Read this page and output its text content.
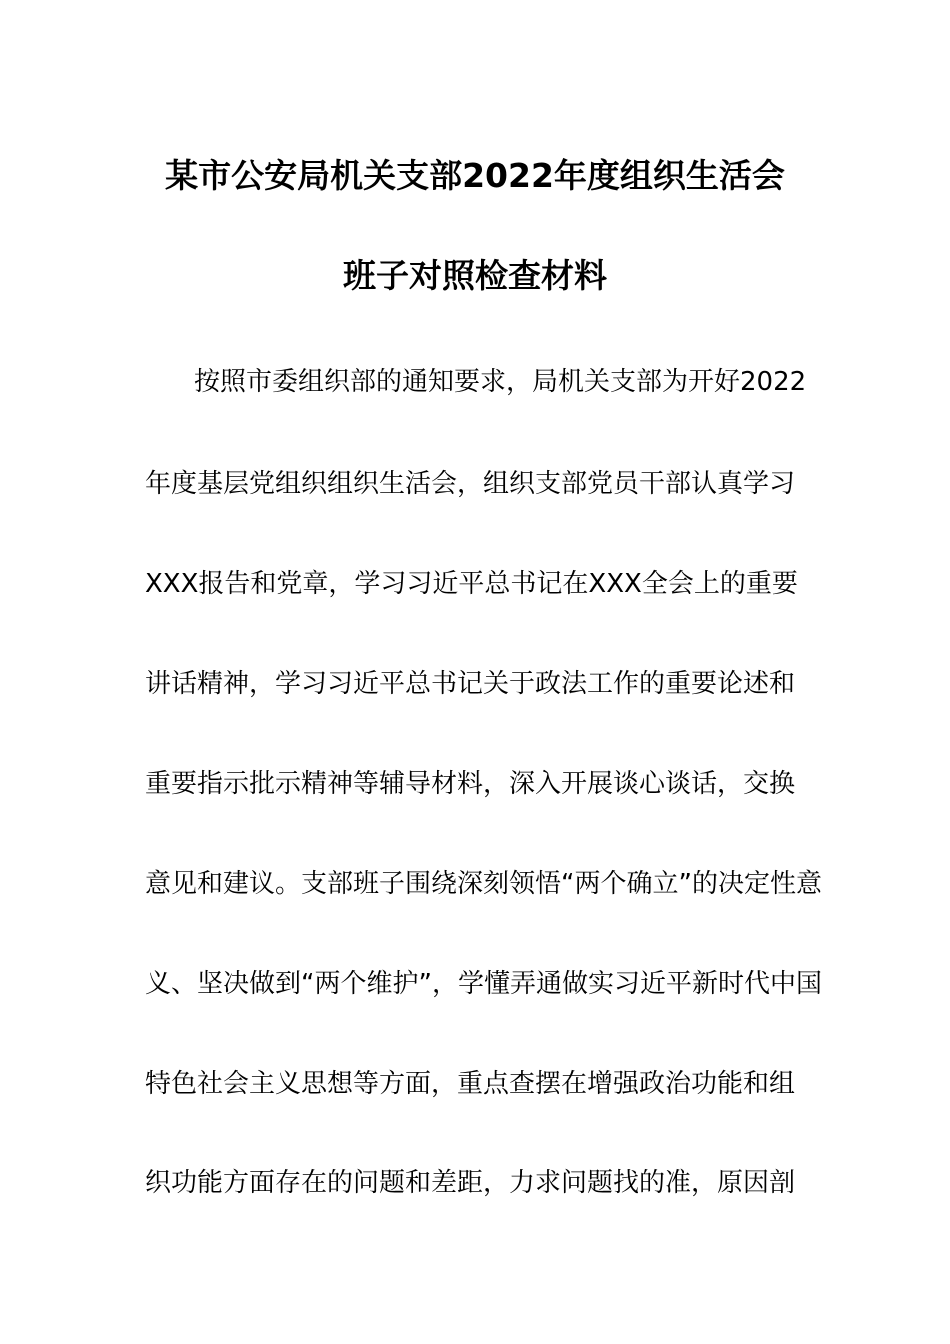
某市公安局机关支部2022年度组织生活会
班子对照检查材料
按照市委组织部的通知要求，局机关支部为开好2022
年度基层党组织组织生活会，组织支部党员干部认真学习
XXX报告和党章，学习习近平总书记在XXX全会上的重要
讲话精神，学习习近平总书记关于政法工作的重要论述和
重要指示批示精神等辅导材料，深入开展谈心谈话，交换
意见和建议。支部班子围绕深刻领悟“两个确立”的决定性意
义、坚决做到“两个维护”，学懂弄通做实习近平新时代中国
特色社会主义思想等方面，重点查摆在增强政治功能和组
织功能方面存在的问题和差距，力求问题找的准，原因剖
